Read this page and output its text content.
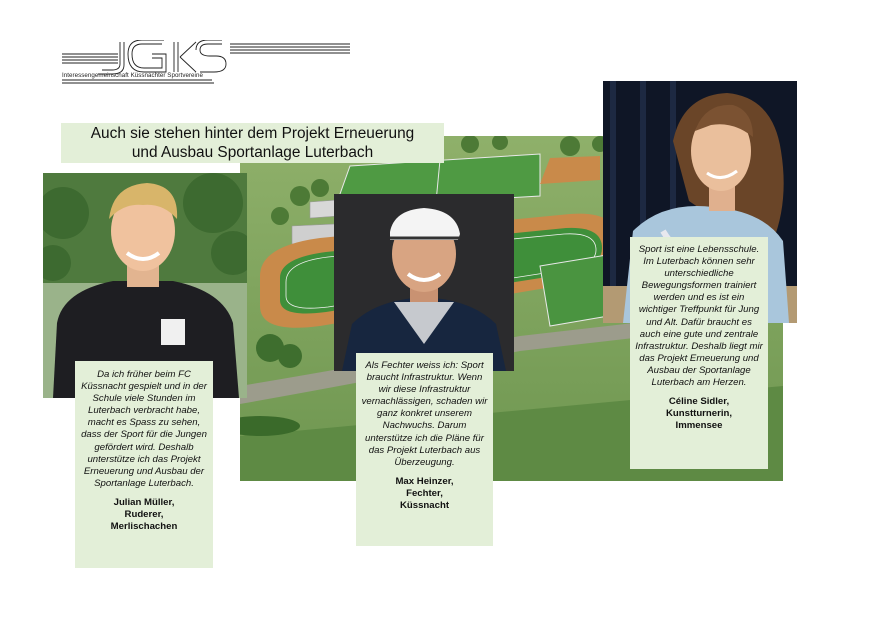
Interessengemeinschaft Küssnachter Sportvereine
Auch sie stehen hinter dem Projekt Erneuerung
und Ausbau Sportanlage Luterbach
Da ich früher beim FC Küssnacht gespielt und in der Schule viele Stunden im Luterbach verbracht habe, macht es Spass zu sehen, dass der Sport für die Jungen gefördert wird. Deshalb unterstütze ich das Projekt Erneuerung und Ausbau der Sportanlage Luterbach.
Julian Müller,
Ruderer,
Merlischachen
Als Fechter weiss ich: Sport braucht Infrastruktur. Wenn wir diese Infrastruktur vernachlässigen, schaden wir ganz konkret unserem Nachwuchs. Darum unterstütze ich die Pläne für das Projekt Luterbach aus Überzeugung.
Max Heinzer,
Fechter,
Küssnacht
Sport ist eine Lebensschule. Im Luterbach können sehr unterschiedliche Bewegungsformen trainiert werden und es ist ein wichtiger Treffpunkt für Jung und Alt. Dafür braucht es auch eine gute und zentrale Infrastruktur. Deshalb liegt mir das Projekt Erneuerung und Ausbau der Sportanlage Luterbach am Herzen.
Céline Sidler,
Kunstturnerin,
Immensee
